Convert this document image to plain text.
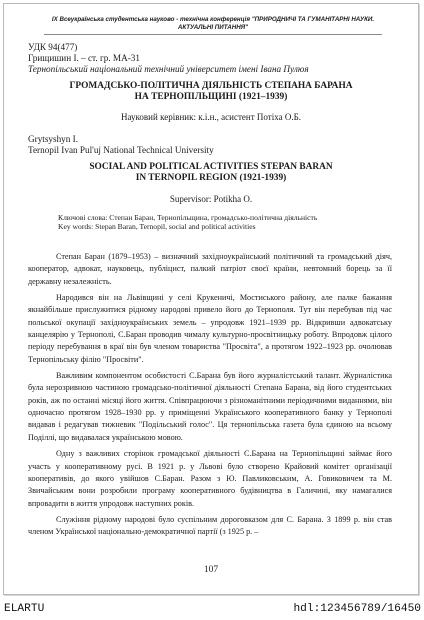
IX Всеукраїнська студентська науково - технічна конференція "ПРИРОДНИЧІ ТА ГУМАНІТАРНІ НАУКИ.
АКТУАЛЬНІ ПИТАННЯ"
УДК 94(477)
Грищишин І. – ст. гр. МА-31
Тернопільський національний технічний університет імені Івана Пулюя
ГРОМАДСЬКО-ПОЛІТИЧНА ДІЯЛЬНІСТЬ СТЕПАНА БАРАНА
НА ТЕРНОПІЛЬЩИНІ (1921–1939)
Науковий керівник: к.і.н., асистент Потіха О.Б.
Grytsyshyn I.
Ternopil Ivan Pul'uj National Technical University
SOCIAL AND POLITICAL ACTIVITIES STEPAN BARAN
IN TERNOPIL REGION (1921-1939)
Supervisor: Potikha O.
Ключові слова: Степан Баран, Тернопільщина, громадсько-політична діяльність
Key words: Stepan Baran, Ternopil, social and political activities

Степан Баран (1879–1953) – визначний західноукраїнський політичний та громадський діяч, кооператор, адвокат, науковець, публіцист, палкий патріот своєї країни, невтомний борець за її державну незалежність.

Народився він на Львівщині у селі Крукеничі, Мостиського району, але палке бажання якнайбільше прислужитися рідному народові привело його до Тернополя. Тут він перебував під час польської окупації західноукраїнських земель – упродовж 1921–1939 рр. Відкривши адвокатську канцелярію у Тернополі, С.Баран проводив чималу культурно-просвітницьку роботу. Впродовж цілого періоду перебування в краї він був членом товариства "Просвіта", а протягом 1922–1923 рр. очолював Тернопільську філію "Просвіти".

Важливим компонентом особистості С.Барана був його журналістський талант. Журналістика була нерозривною частиною громадсько-політичної діяльності Степана Барана, від його студентських років, аж по останні місяці його життя. Співпрацюючи з різноманітними періодичними виданнями, він одночасно протягом 1928–1930 рр. у приміщенні Українського кооперативного банку у Тернополі видавав і редагував тижневик "Подільський голос". Ця тернопільська газета була єдиною на всьому Поділлі, що видавалася українською мовою.

Одну з важливих сторінок громадської діяльності С.Барана на Тернопільщині займає його участь у кооперативному русі. В 1921 р. у Львові було створено Крайовий комітет організації кооперативів, до якого увійшов С.Баран. Разом з Ю. Павликовським, А. Говиковичем та М. Звичайським вони розробили програму кооперативного будівництва в Галичині, яку намагалися впровадити в життя упродовж наступних років.

Служіння рідному народові було суспільним дороговказом для С. Барана. З 1899 р. він став членом Української національно-демократичної партії (з 1925 р. –

107
ELARTU	hdl:123456789/16450
